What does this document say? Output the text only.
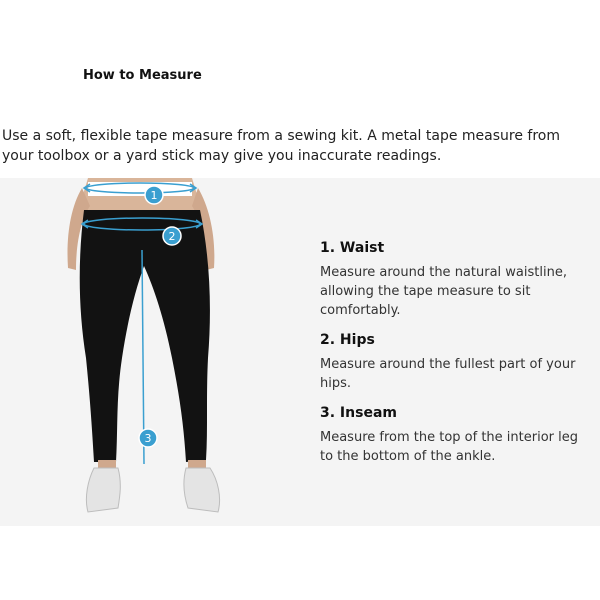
How to Measure
Use a soft, flexible tape measure from a sewing kit. A metal tape measure from your toolbox or a yard stick may give you inaccurate readings.
1
2
3
1. Waist
Measure around the natural waistline, allowing the tape measure to sit comfortably.
2. Hips
Measure around the fullest part of your hips.
3. Inseam
Measure from the top of the interior leg to the bottom of the ankle.
